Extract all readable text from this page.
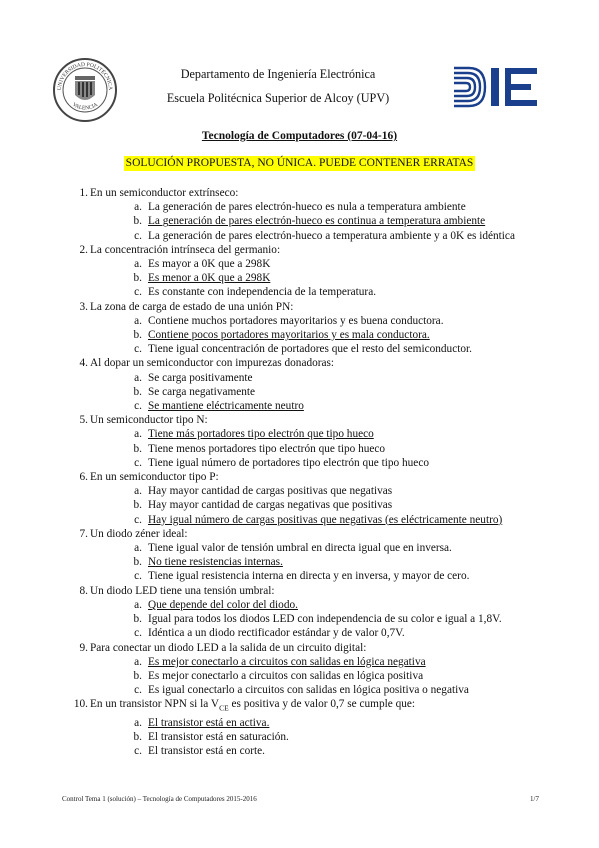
UNIVERSIDAD POLITÉCNICA
VALENCIA
Departamento de Ingeniería Electrónica
Escuela Politécnica Superior de Alcoy (UPV)
Tecnología de Computadores (07-04-16)
SOLUCIÓN PROPUESTA, NO ÚNICA. PUEDE CONTENER ERRATAS
1. En un semiconductor extrínseco:
a. La generación de pares electrón-hueco es nula a temperatura ambiente
b. La generación de pares electrón-hueco es continua a temperatura ambiente
c. La generación de pares electrón-hueco a temperatura ambiente y a 0K es idéntica
2. La concentración intrínseca del germanio:
a. Es mayor a 0K que a 298K
b. Es menor a 0K que a 298K
c. Es constante con independencia de la temperatura.
3. La zona de carga de estado de una unión PN:
a. Contiene muchos portadores mayoritarios y es buena conductora.
b. Contiene pocos portadores mayoritarios y es mala conductora.
c. Tiene igual concentración de portadores que el resto del semiconductor.
4. Al dopar un semiconductor con impurezas donadoras:
a. Se carga positivamente
b. Se carga negativamente
c. Se mantiene eléctricamente neutro
5. Un semiconductor tipo N:
a. Tiene más portadores tipo electrón que tipo hueco
b. Tiene menos portadores tipo electrón que tipo hueco
c. Tiene igual número de portadores tipo electrón que tipo hueco
6. En un semiconductor tipo P:
a. Hay mayor cantidad de cargas positivas que negativas
b. Hay mayor cantidad de cargas negativas que positivas
c. Hay igual número de cargas positivas que negativas (es eléctricamente neutro)
7. Un diodo zéner ideal:
a. Tiene igual valor de tensión umbral en directa igual que en inversa.
b. No tiene resistencias internas.
c. Tiene igual resistencia interna en directa y en inversa, y mayor de cero.
8. Un diodo LED tiene una tensión umbral:
a. Que depende del color del diodo.
b. Igual para todos los diodos LED con independencia de su color e igual a 1,8V.
c. Idéntica a un diodo rectificador estándar y de valor 0,7V.
9. Para conectar un diodo LED a la salida de un circuito digital:
a. Es mejor conectarlo a circuitos con salidas en lógica negativa
b. Es mejor conectarlo a circuitos con salidas en lógica positiva
c. Es igual conectarlo a circuitos con salidas en lógica positiva o negativa
10. En un transistor NPN si la $V_{CE}$ es positiva y de valor 0,7 se cumple que:
a. El transistor está en activa.
b. El transistor está en saturación.
c. El transistor está en corte.
Control Tema 1 (solución) – Tecnología de Computadores 2015-2016	1/7
